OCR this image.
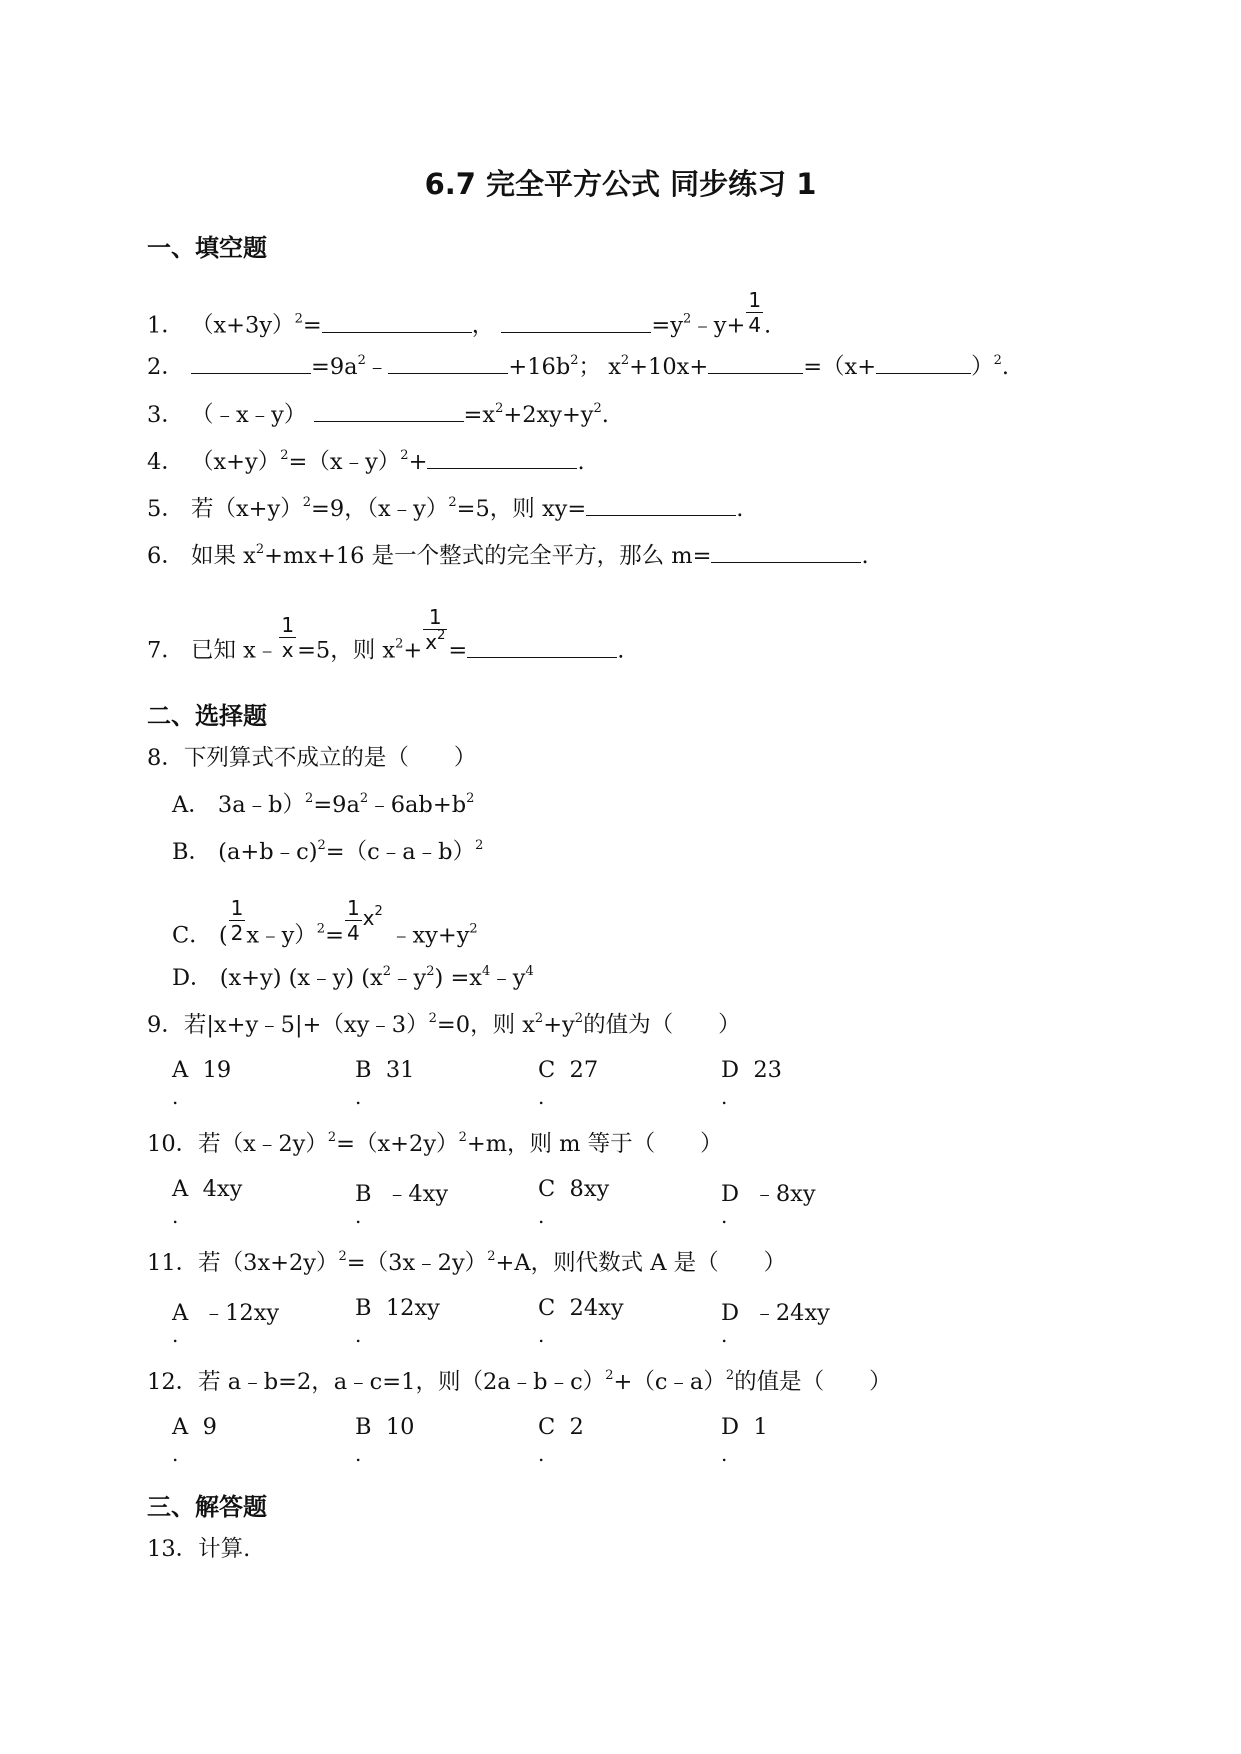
6.7 完全平方公式 同步练习 1
一、填空题
1． $(x+3y)^2=$	，	$=y^2﹣y+ \frac{1}{4}$ .
2．	$=9a^2﹣$	$+16b^2$； $x^2+10x+$	=（x+	）$^2$.
3． （﹣x﹣y）	$=x^2+2xy+y^2$.
4． $(x+y)^2=(x﹣y)^2+$	.
5． 若$(x+y)^2=9$，（x﹣y）$^2$=5，则 xy=	.
6． 如果 $x^2+mx+16$ 是一个整式的完全平方，那么 m=	.
7． 已知 x﹣ $\frac{1}{x} =5$，则 $x^2+ \frac{1}{x^2}$ =	.
二、选择题
8．下列算式不成立的是（　　）
A． $3a﹣b)^2=9a^2﹣6ab+b^2$
B． (a+b﹣c)$^2$=（c﹣a﹣b）$^2$
C． ( $\frac{1}{2}$ x﹣y）$^2$= $\frac{1}{4} x^2$ $﹣xy+y^2$
D． (x+y) (x﹣y) $(x^2﹣y^2)$ $=x^4﹣y^4$
9．若|x+y﹣5|+（xy﹣3）$^2$=0，则 $x^2+y^2$的值为（　　）
A 19
.
B 31
.
C 27
.
D 23
.
10．若$(x﹣2y)^2=(x+2y)^2+m$，则 m 等于（　　）
A 4xy
.
B ﹣4xy
.
C 8xy
.
D ﹣8xy
.
11．若$(3x+2y)^2=(3x﹣2y)^2+A$，则代数式 A 是（　　）
A ﹣12xy
.
B 12xy
.
C 24xy
.
D ﹣24xy
.
12．若 a﹣b=2，a﹣c=1，则（2a﹣b﹣c）$^2$+（c﹣a）$^2$的值是（　　）
A 9
.
B 10
.
C 2
.
D 1
.
三、解答题
13．计算.
